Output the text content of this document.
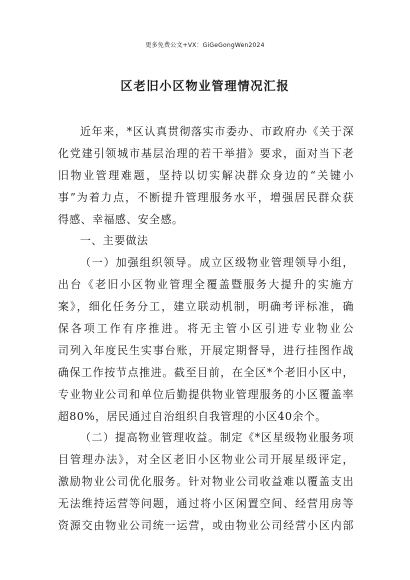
更多免费公文+VX：GiGeGongWen2024
区老旧小区物业管理情况汇报
近年来，*区认真贯彻落实市委办、市政府办《关于深
化党建引领城市基层治理的若干举措》要求，面对当下老
旧物业管理难题，坚持以切实解决群众身边的“关键小
事”为着力点，不断提升管理服务水平，增强居民群众获
得感、幸福感、安全感。
一、主要做法
（一）加强组织领导。成立区级物业管理领导小组，
出台《老旧小区物业管理全覆盖暨服务大提升的实施方
案》，细化任务分工，建立联动机制，明确考评标准，确
保各项工作有序推进。将无主管小区引进专业物业公
司列入年度民生实事台账，开展定期督导，进行挂图作战
确保工作按节点推进。截至目前，在全区*个老旧小区中，
专业物业公司和单位后勤提供物业管理服务的小区覆盖率
超80%，居民通过自治组织自我管理的小区40余个。
（二）提高物业管理收益。制定《*区星级物业服务项
目管理办法》，对全区老旧小区物业公司开展星级评定，
激励物业公司优化服务。针对物业公司收益难以覆盖支出
无法维持运营等问题，通过将小区闲置空间、经营用房等
资源交由物业公司统一运营，或由物业公司经营小区内部
